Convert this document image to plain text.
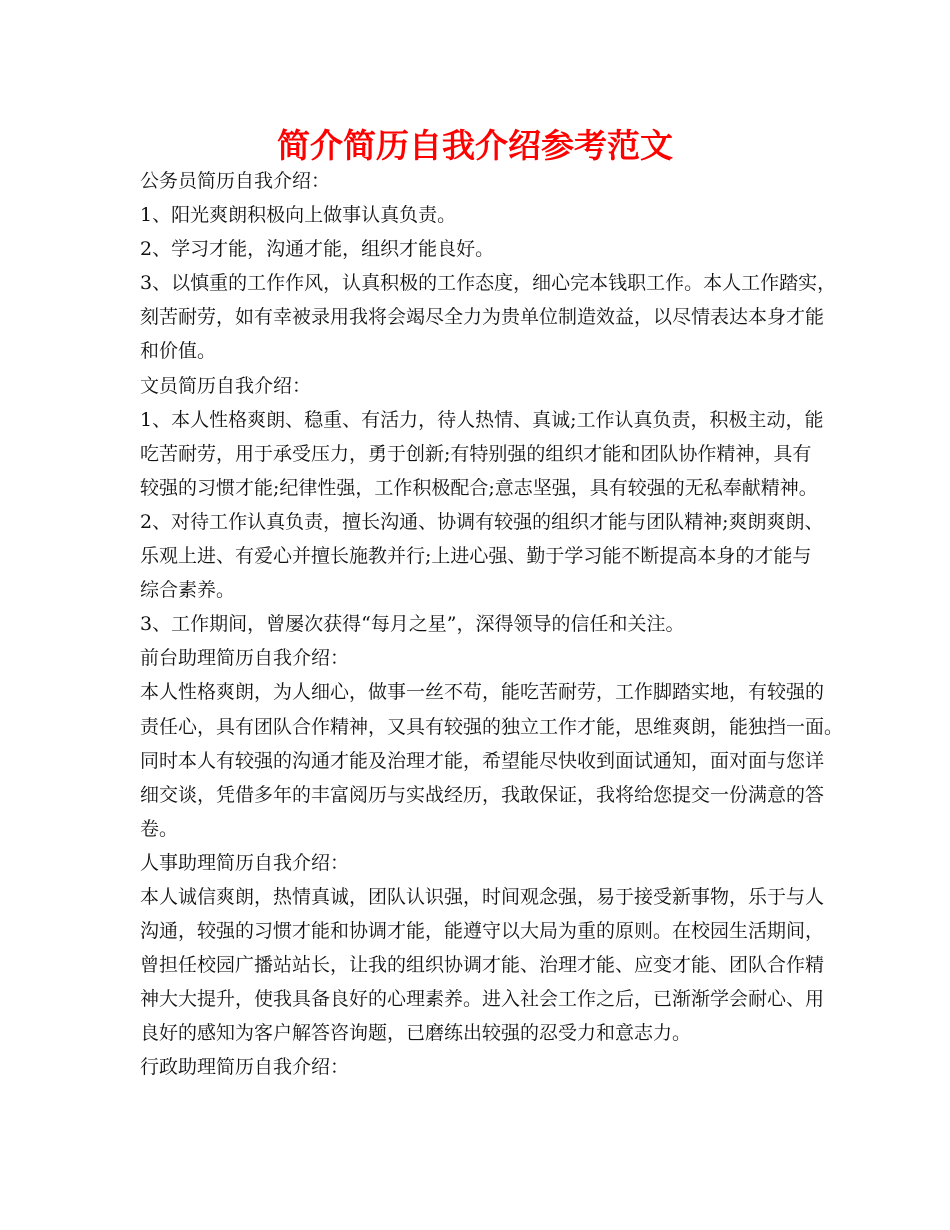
简介简历自我介绍参考范文
公务员简历自我介绍：
1、阳光爽朗积极向上做事认真负责。
2、学习才能，沟通才能，组织才能良好。
3、以慎重的工作作风，认真积极的工作态度，细心完本钱职工作。本人工作踏实，
刻苦耐劳，如有幸被录用我将会竭尽全力为贵单位制造效益，以尽情表达本身才能
和价值。
文员简历自我介绍：
1、本人性格爽朗、稳重、有活力，待人热情、真诚;工作认真负责，积极主动，能
吃苦耐劳，用于承受压力，勇于创新;有特别强的组织才能和团队协作精神，具有
较强的习惯才能;纪律性强，工作积极配合;意志坚强，具有较强的无私奉献精神。
2、对待工作认真负责，擅长沟通、协调有较强的组织才能与团队精神;爽朗爽朗、
乐观上进、有爱心并擅长施教并行;上进心强、勤于学习能不断提高本身的才能与
综合素养。
3、工作期间，曾屡次获得“每月之星”，深得领导的信任和关注。
前台助理简历自我介绍：
本人性格爽朗，为人细心，做事一丝不苟，能吃苦耐劳，工作脚踏实地，有较强的
责任心，具有团队合作精神，又具有较强的独立工作才能，思维爽朗，能独挡一面。
同时本人有较强的沟通才能及治理才能，希望能尽快收到面试通知，面对面与您详
细交谈，凭借多年的丰富阅历与实战经历，我敢保证，我将给您提交一份满意的答
卷。
人事助理简历自我介绍：
本人诚信爽朗，热情真诚，团队认识强，时间观念强，易于接受新事物，乐于与人
沟通，较强的习惯才能和协调才能，能遵守以大局为重的原则。在校园生活期间，
曾担任校园广播站站长，让我的组织协调才能、治理才能、应变才能、团队合作精
神大大提升，使我具备良好的心理素养。进入社会工作之后，已渐渐学会耐心、用
良好的感知为客户解答咨询题，已磨练出较强的忍受力和意志力。
行政助理简历自我介绍：
